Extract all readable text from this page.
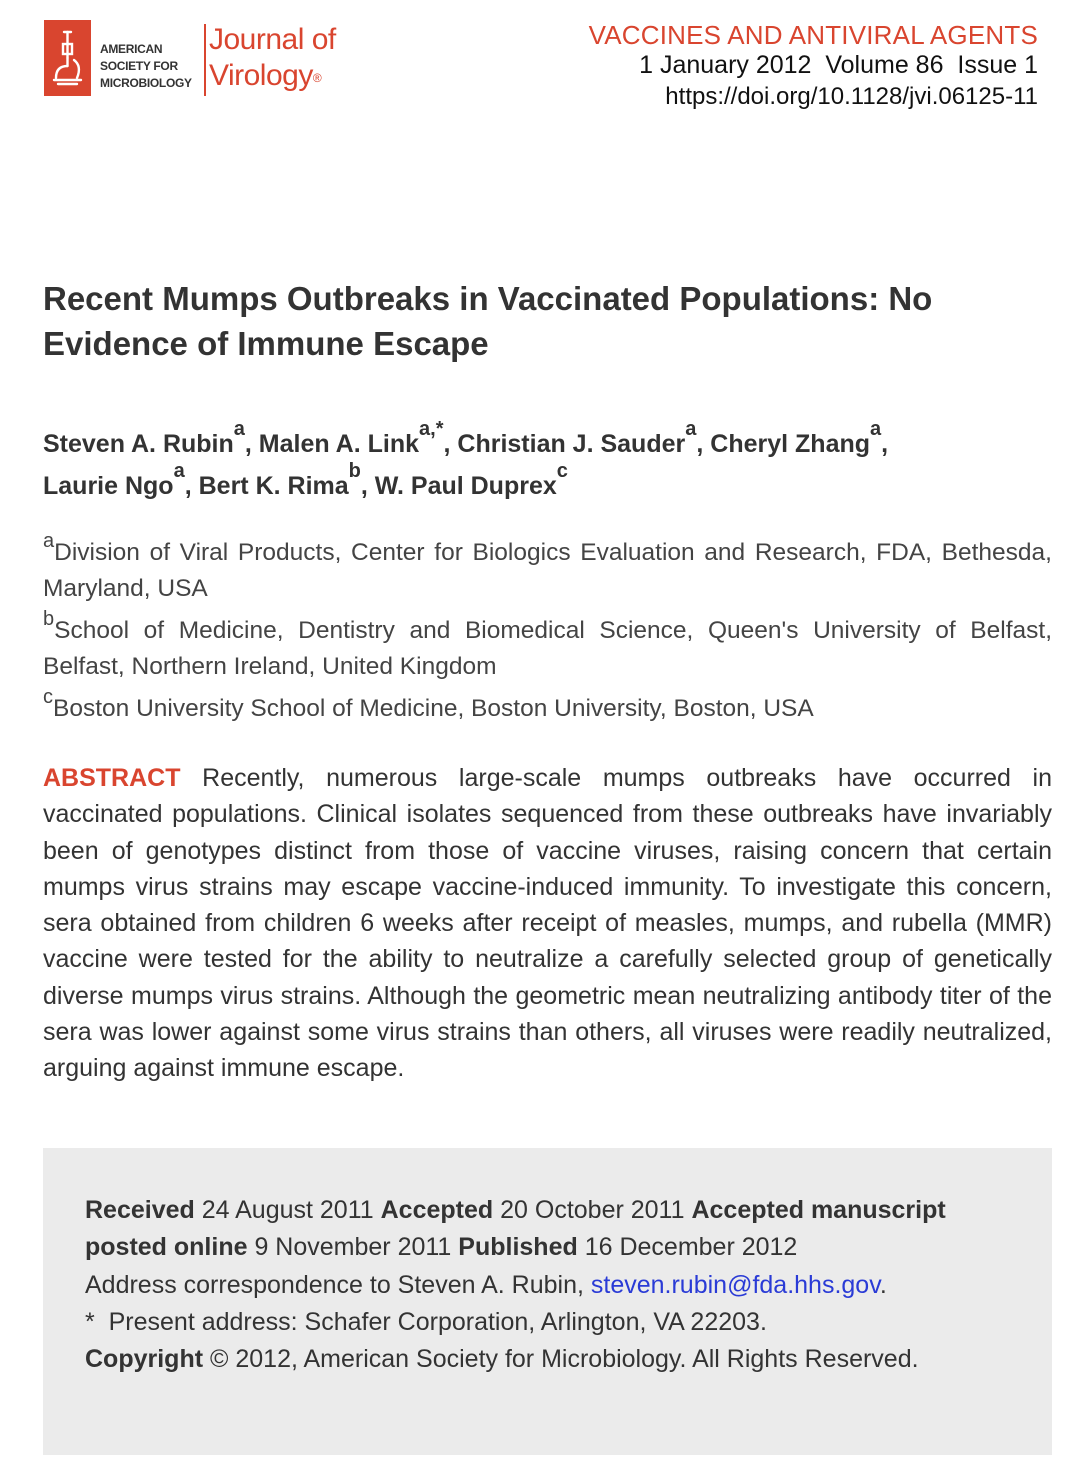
AMERICAN
SOCIETY FOR
MICROBIOLOGY
Journal of
Virology®
VACCINES AND ANTIVIRAL AGENTS
1 January 2012  Volume 86  Issue 1
https://doi.org/10.1128/jvi.06125-11
Recent Mumps Outbreaks in Vaccinated Populations: No Evidence of Immune Escape
Steven A. Rubin$^a$, Malen A. Link$^{a,*}$, Christian J. Sauder$^a$, Cheryl Zhang$^a$,
Laurie Ngo$^a$, Bert K. Rima$^b$, W. Paul Duprex$^c$
$^a$Division of Viral Products, Center for Biologics Evaluation and Research, FDA, Bethesda, Maryland, USA
$^b$School of Medicine, Dentistry and Biomedical Science, Queen's University of Belfast, Belfast, Northern Ireland, United Kingdom
$^c$Boston University School of Medicine, Boston University, Boston, USA
ABSTRACT Recently, numerous large-scale mumps outbreaks have occurred in vaccinated populations. Clinical isolates sequenced from these outbreaks have invariably been of genotypes distinct from those of vaccine viruses, raising concern that certain mumps virus strains may escape vaccine-induced immunity. To investigate this concern, sera obtained from children 6 weeks after receipt of measles, mumps, and rubella (MMR) vaccine were tested for the ability to neutralize a carefully selected group of genetically diverse mumps virus strains. Although the geometric mean neutralizing antibody titer of the sera was lower against some virus strains than others, all viruses were readily neutralized, arguing against immune escape.
Received 24 August 2011 Accepted 20 October 2011 Accepted manuscript posted online 9 November 2011 Published 16 December 2012
Address correspondence to Steven A. Rubin, steven.rubin@fda.hhs.gov.
*  Present address: Schafer Corporation, Arlington, VA 22203.
Copyright © 2012, American Society for Microbiology. All Rights Reserved.
